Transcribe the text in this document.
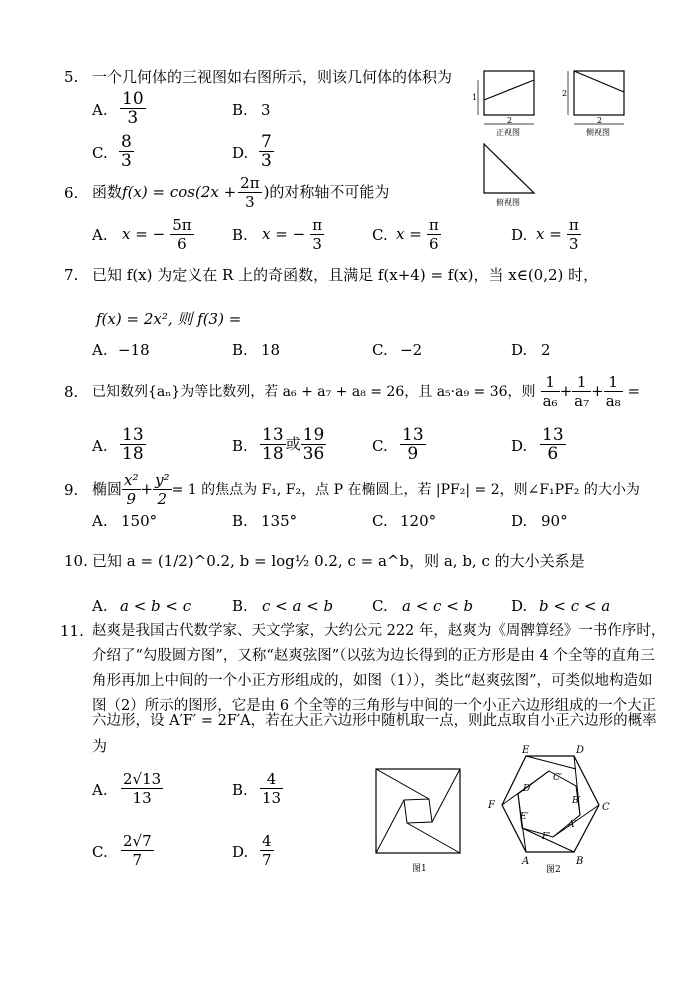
5. 一个几何体的三视图如右图所示，则该几何体的体积为
A. $\frac{10}{3}$	B. 3
C. $\frac{8}{3}$	D. $\frac{7}{3}$
1
2
正视图
2
2
侧视图
俯视图
6. 函数$f(x) = \cos(2x + \frac{2\pi}{3}$ )的对称轴不可能为
A. x = − $\frac{5\pi}{6}$	B. x = − $\frac{\pi}{3}$	C. $x = \frac{\pi}{6}$	D. $x = \frac{\pi}{3}$
7. 已知 f(x) 为定义在 R 上的奇函数，且满足 f(x+4) = f(x)，当 x∈(0,2) 时，
f(x) = 2x², 则 f(3) =
A. −18	B. 18	C. −2	D. 2
8. 已知数列{aₙ}为等比数列，若 a₆ + a₇ + a₈ = 26，且 a₅·a₉ = 36，则 $\frac{1}{\text{a₆}} + \frac{1}{\text{a₇}} + \frac{1}{\text{a₈}}$ =
A. $\frac{13}{18}$	B. $\frac{13}{18}$ 或 $\frac{19}{36}$	C. $\frac{13}{9}$	D. $\frac{13}{6}$
9. 椭圆 $\frac{\text{x²}}{9} + \frac{\text{y²}}{2} = 1$ 的焦点为 F₁, F₂，点 P 在椭圆上，若 |PF₂| = 2，则∠F₁PF₂ 的大小为
A. 150°	B. 135°	C. 120°	D. 90°
10. 已知 a = (1/2)^0.2, b = log½ 0.2, c = a^b，则 a, b, c 的大小关系是
A. a < b < c	B. c < a < b	C. a < c < b	D. b < c < a
11. 赵爽是我国古代数学家、天文学家，大约公元 222 年，赵爽为《周髀算经》一书作序时，
介绍了“勾股圆方图”，又称“赵爽弦图”（以弦为边长得到的正方形是由 4 个全等的直角三
角形再加上中间的一个小正方形组成的，如图（1）），类比“赵爽弦图”，可类似地构造如
图（2）所示的图形，它是由 6 个全等的三角形与中间的一个小正六边形组成的一个大正
六边形，设 A′F′ = 2F′A，若在大正六边形中随机取一点，则此点取自小正六边形的概率
为
A. $\frac{2√13}{13}$	B. $\frac{4}{13}$
C. $\frac{2√7}{7}$	D. $\frac{4}{7}$	图1
E	D
C
B
A
F
C′
D′
B′
E′
A′
F′
图2
